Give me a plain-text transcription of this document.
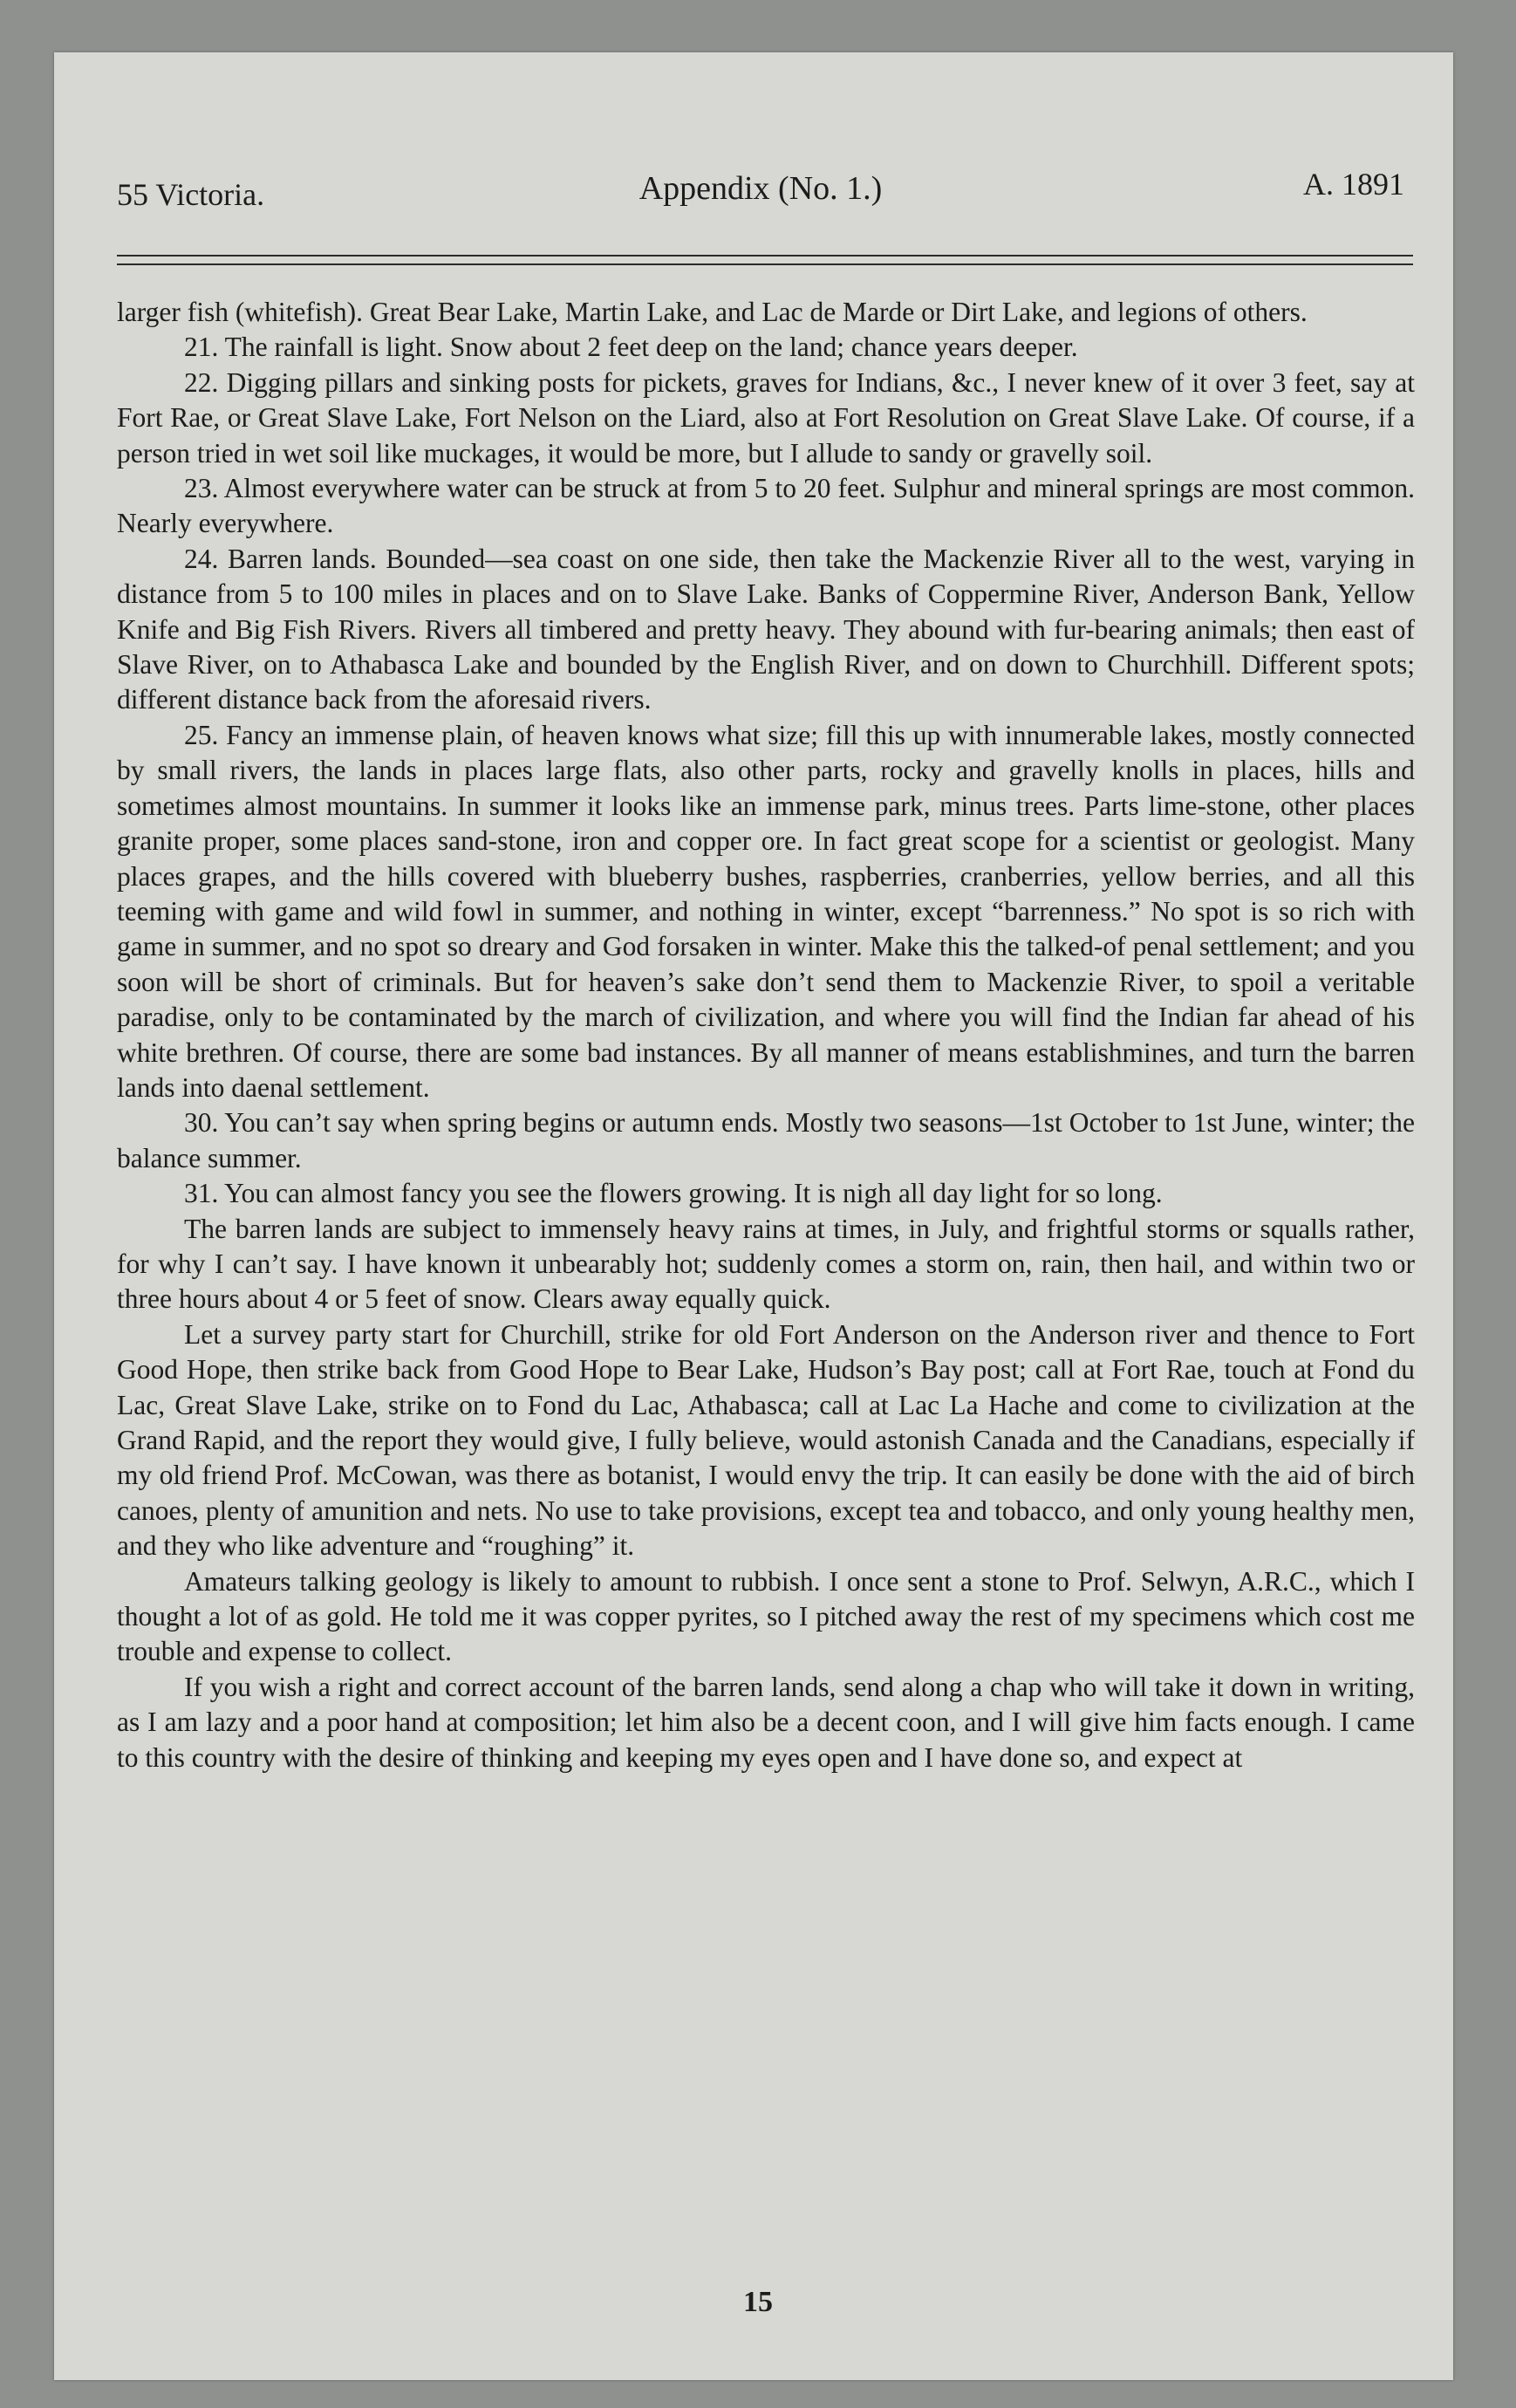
55 Victoria.	Appendix (No. 1.)	A. 1891

larger fish (whitefish). Great Bear Lake, Martin Lake, and Lac de Marde or Dirt Lake, and legions of others.

21. The rainfall is light. Snow about 2 feet deep on the land; chance years deeper.

22. Digging pillars and sinking posts for pickets, graves for Indians, &c., I never knew of it over 3 feet, say at Fort Rae, or Great Slave Lake, Fort Nelson on the Liard, also at Fort Resolution on Great Slave Lake. Of course, if a person tried in wet soil like muckages, it would be more, but I allude to sandy or gravelly soil.

23. Almost everywhere water can be struck at from 5 to 20 feet. Sulphur and mineral springs are most common. Nearly everywhere.

24. Barren lands. Bounded—sea coast on one side, then take the Mackenzie River all to the west, varying in distance from 5 to 100 miles in places and on to Slave Lake. Banks of Coppermine River, Anderson Bank, Yellow Knife and Big Fish Rivers. Rivers all timbered and pretty heavy. They abound with fur-bearing animals; then east of Slave River, on to Athabasca Lake and bounded by the English River, and on down to Churchhill. Different spots; different distance back from the aforesaid rivers.

25. Fancy an immense plain, of heaven knows what size; fill this up with innumerable lakes, mostly connected by small rivers, the lands in places large flats, also other parts, rocky and gravelly knolls in places, hills and sometimes almost mountains. In summer it looks like an immense park, minus trees. Parts lime-stone, other places granite proper, some places sand-stone, iron and copper ore. In fact great scope for a scientist or geologist. Many places grapes, and the hills covered with blueberry bushes, raspberries, cranberries, yellow berries, and all this teeming with game and wild fowl in summer, and nothing in winter, except “barrenness.” No spot is so rich with game in summer, and no spot so dreary and God forsaken in winter. Make this the talked-of penal settlement; and you soon will be short of criminals. But for heaven’s sake don’t send them to Mackenzie River, to spoil a veritable paradise, only to be contaminated by the march of civilization, and where you will find the Indian far ahead of his white brethren. Of course, there are some bad instances. By all manner of means establishmines, and turn the barren lands into daenal settlement.

30. You can’t say when spring begins or autumn ends. Mostly two seasons—1st October to 1st June, winter; the balance summer.

31. You can almost fancy you see the flowers growing. It is nigh all day light for so long.

The barren lands are subject to immensely heavy rains at times, in July, and frightful storms or squalls rather, for why I can’t say. I have known it unbearably hot; suddenly comes a storm on, rain, then hail, and within two or three hours about 4 or 5 feet of snow. Clears away equally quick.

Let a survey party start for Churchill, strike for old Fort Anderson on the Anderson river and thence to Fort Good Hope, then strike back from Good Hope to Bear Lake, Hudson’s Bay post; call at Fort Rae, touch at Fond du Lac, Great Slave Lake, strike on to Fond du Lac, Athabasca; call at Lac La Hache and come to civilization at the Grand Rapid, and the report they would give, I fully believe, would astonish Canada and the Canadians, especially if my old friend Prof. McCowan, was there as botanist, I would envy the trip. It can easily be done with the aid of birch canoes, plenty of amunition and nets. No use to take provisions, except tea and tobacco, and only young healthy men, and they who like adventure and “roughing” it.

Amateurs talking geology is likely to amount to rubbish. I once sent a stone to Prof. Selwyn, A.R.C., which I thought a lot of as gold. He told me it was copper pyrites, so I pitched away the rest of my specimens which cost me trouble and expense to collect.

If you wish a right and correct account of the barren lands, send along a chap who will take it down in writing, as I am lazy and a poor hand at composition; let him also be a decent coon, and I will give him facts enough. I came to this country with the desire of thinking and keeping my eyes open and I have done so, and expect at

15
